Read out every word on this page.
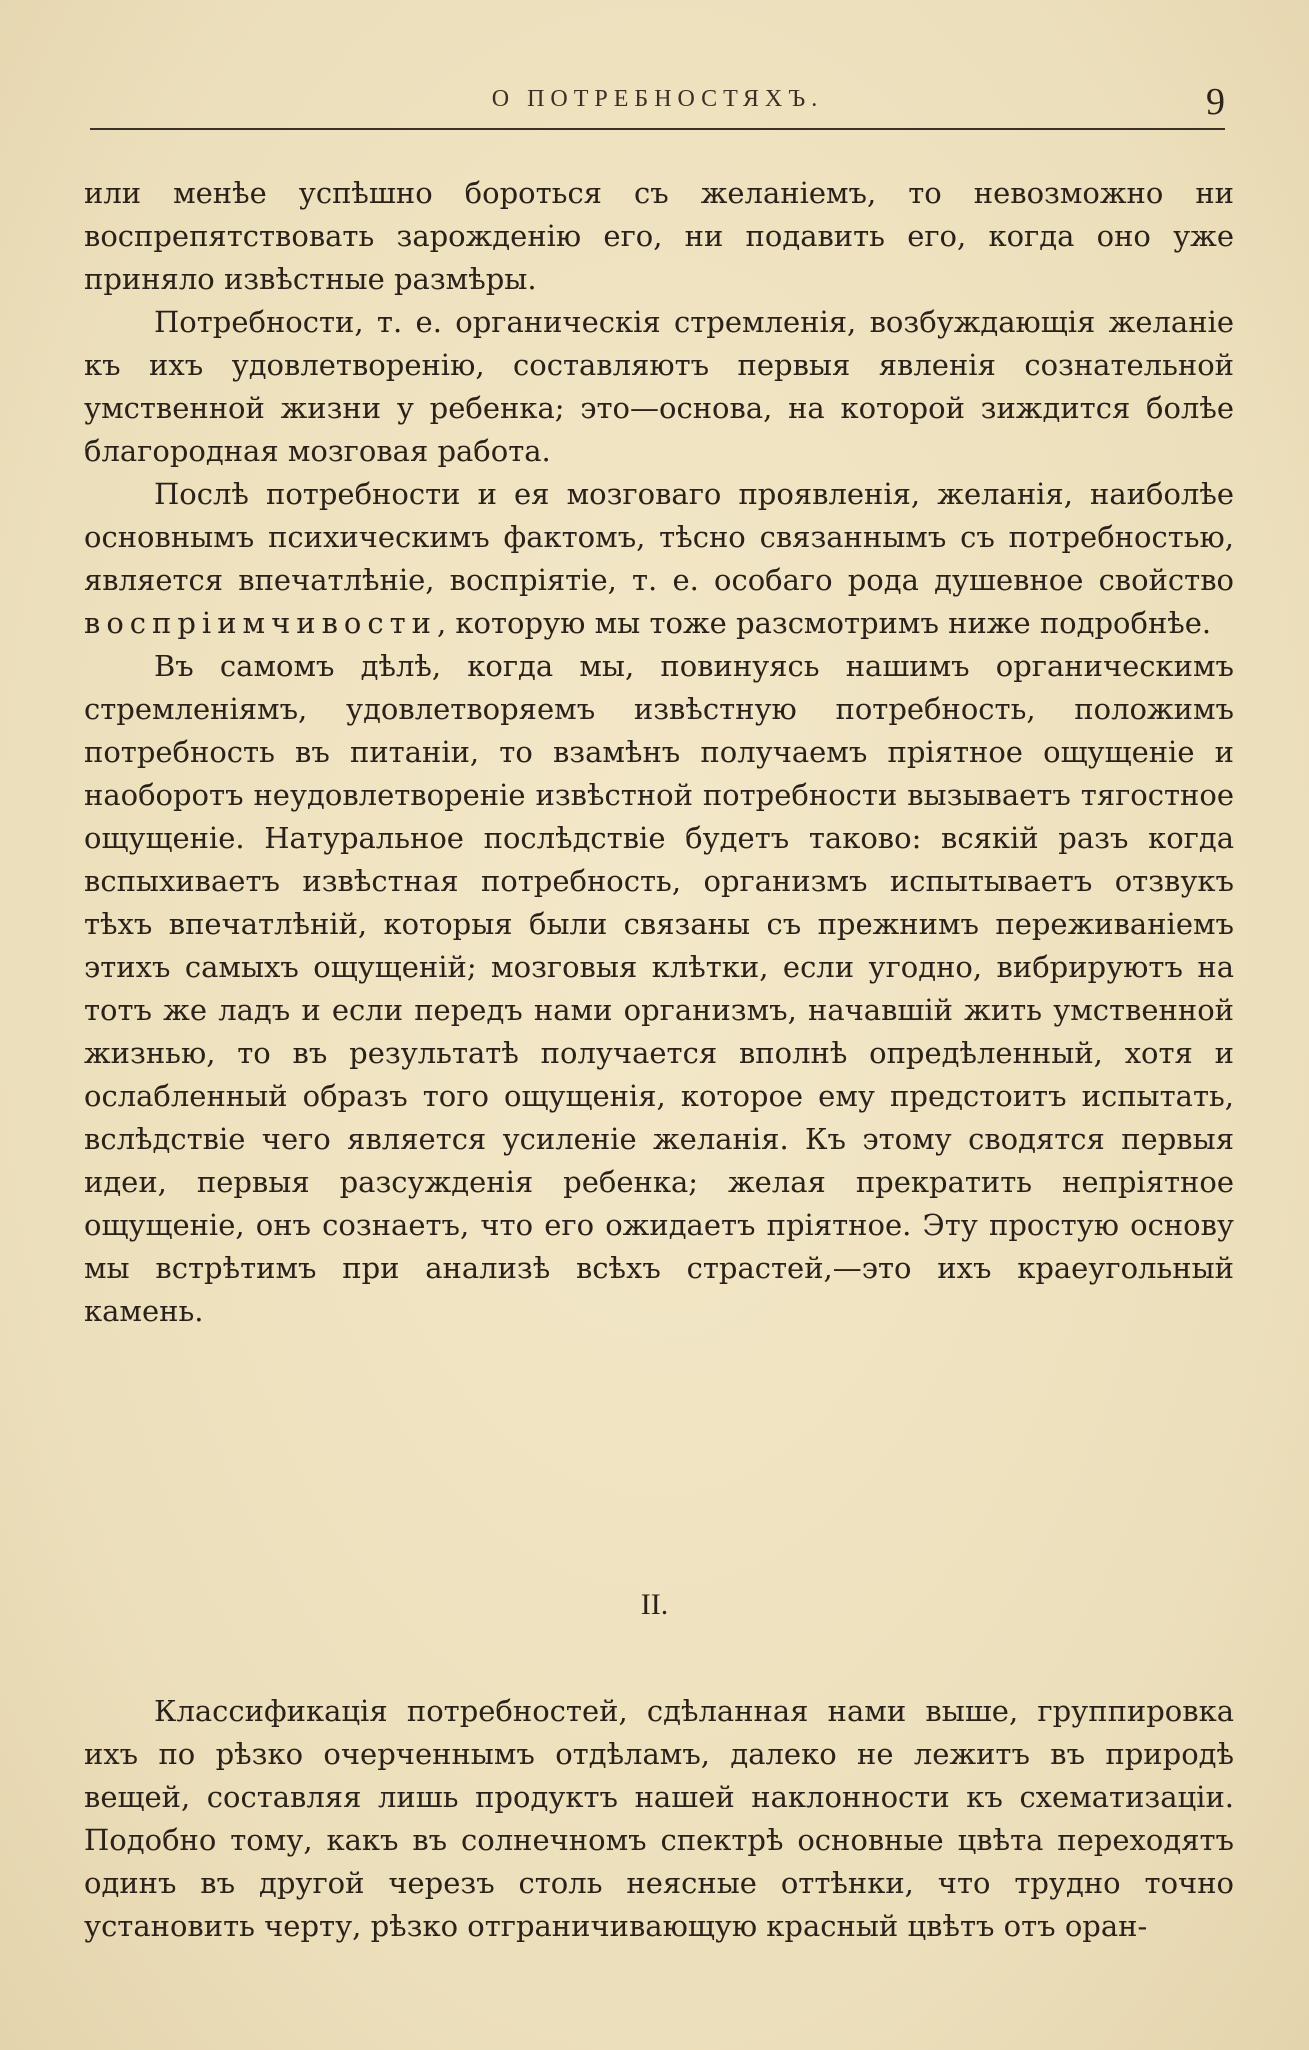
О ПОТРЕБНОСТЯХЪ.	9

или менѣе успѣшно бороться съ желаніемъ, то невозможно ни воспрепятствовать зарожденію его, ни подавить его, когда оно уже приняло извѣстные размѣры.

Потребности, т. е. органическія стремленія, возбуждающія желаніе къ ихъ удовлетворенію, составляютъ первыя явленія сознательной умственной жизни у ребенка; это—основа, на которой зиждится болѣе благородная мозговая работа.

Послѣ потребности и ея мозговаго проявленія, желанія, наиболѣе основнымъ психическимъ фактомъ, тѣсно связаннымъ съ потребностью, является впечатлѣніе, воспріятіе, т. е. особаго рода душевное свойство воспріимчивости, которую мы тоже разсмотримъ ниже подробнѣе.

Въ самомъ дѣлѣ, когда мы, повинуясь нашимъ органическимъ стремленіямъ, удовлетворяемъ извѣстную потребность, положимъ потребность въ питаніи, то взамѣнъ получаемъ пріятное ощущеніе и наоборотъ неудовлетвореніе извѣстной потребности вызываетъ тягостное ощущеніе. Натуральное послѣдствіе будетъ таково: всякій разъ когда вспыхиваетъ извѣстная потребность, организмъ испытываетъ отзвукъ тѣхъ впечатлѣній, которыя были связаны съ прежнимъ переживаніемъ этихъ самыхъ ощущеній; мозговыя клѣтки, если угодно, вибрируютъ на тотъ же ладъ и если передъ нами организмъ, начавшій жить умственной жизнью, то въ результатѣ получается вполнѣ опредѣленный, хотя и ослабленный образъ того ощущенія, которое ему предстоитъ испытать, вслѣдствіе чего является усиленіе желанія. Къ этому сводятся первыя идеи, первыя разсужденія ребенка; желая прекратить непріятное ощущеніе, онъ сознаетъ, что его ожидаетъ пріятное. Эту простую основу мы встрѣтимъ при анализѣ всѣхъ страстей,—это ихъ краеугольный камень.

II.

Классификація потребностей, сдѣланная нами выше, группировка ихъ по рѣзко очерченнымъ отдѣламъ, далеко не лежитъ въ природѣ вещей, составляя лишь продуктъ нашей наклонности къ схематизаціи. Подобно тому, какъ въ солнечномъ спектрѣ основные цвѣта переходятъ одинъ въ другой черезъ столь неясные оттѣнки, что трудно точно установить черту, рѣзко отграничивающую красный цвѣтъ отъ оран-
